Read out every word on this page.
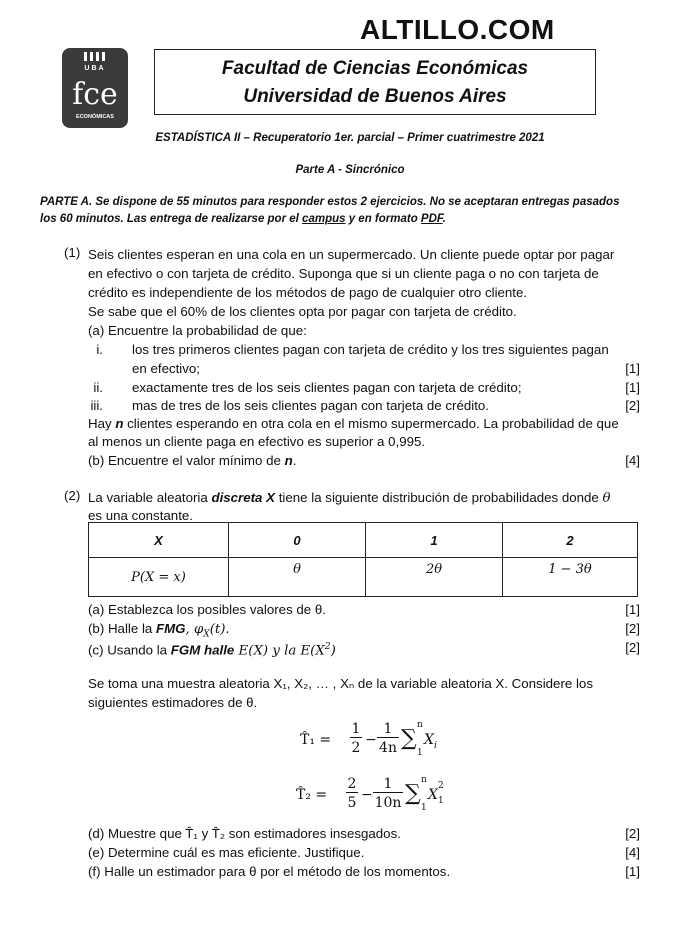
ALTILLO.COM
UBA
fce
ECONÓMICAS
Facultad de Ciencias Económicas
Universidad de Buenos Aires
ESTADÍSTICA II – Recuperatorio 1er. parcial – Primer cuatrimestre 2021
Parte A - Sincrónico
PARTE A. Se dispone de 55 minutos para responder estos 2 ejercicios. No se aceptaran entregas pasados
los 60 minutos. Las entrega de realizarse por el campus y en formato PDF.
(1) Seis clientes esperan en una cola en un supermercado. Un cliente puede optar por pagar
en efectivo o con tarjeta de crédito. Suponga que si un cliente paga o no con tarjeta de
crédito es independiente de los métodos de pago de cualquier otro cliente.
Se sabe que el 60% de los clientes opta por pagar con tarjeta de crédito.
(a) Encuentre la probabilidad de que:
i. los tres primeros clientes pagan con tarjeta de crédito y los tres siguientes pagan
en efectivo;	[1]
ii. exactamente tres de los seis clientes pagan con tarjeta de crédito;	[1]
iii. mas de tres de los seis clientes pagan con tarjeta de crédito.	[2]
Hay n clientes esperando en otra cola en el mismo supermercado. La probabilidad de que
al menos un cliente paga en efectivo es superior a 0,995.
(b) Encuentre el valor mínimo de n.	[4]
(2) La variable aleatoria discreta X tiene la siguiente distribución de probabilidades donde θ
es una constante.
X	0	1	2
P(X = x)	θ	2θ	1 − 3θ
(a) Establezca los posibles valores de θ.	[1]
(b) Halle la FMG, $\varphi_X(t)$.	[2]
(c) Usando la FGM halle E(X) y la $E(X^2)$	[2]
Se toma una muestra aleatoria X₁, X₂, … , Xₙ de la variable aleatoria X. Considere los
siguientes estimadores de θ.
T̂₁ =
1
2 −
1
4n ∑
n
1
X i
T̂₂ =
2
5 −
1
10n ∑
n
1
X 1
2
(d) Muestre que T̂₁ y T̂₂ son estimadores insesgados.	[2]
(e) Determine cuál es mas eficiente. Justifique.	[4]
(f) Halle un estimador para θ por el método de los momentos.	[1]
